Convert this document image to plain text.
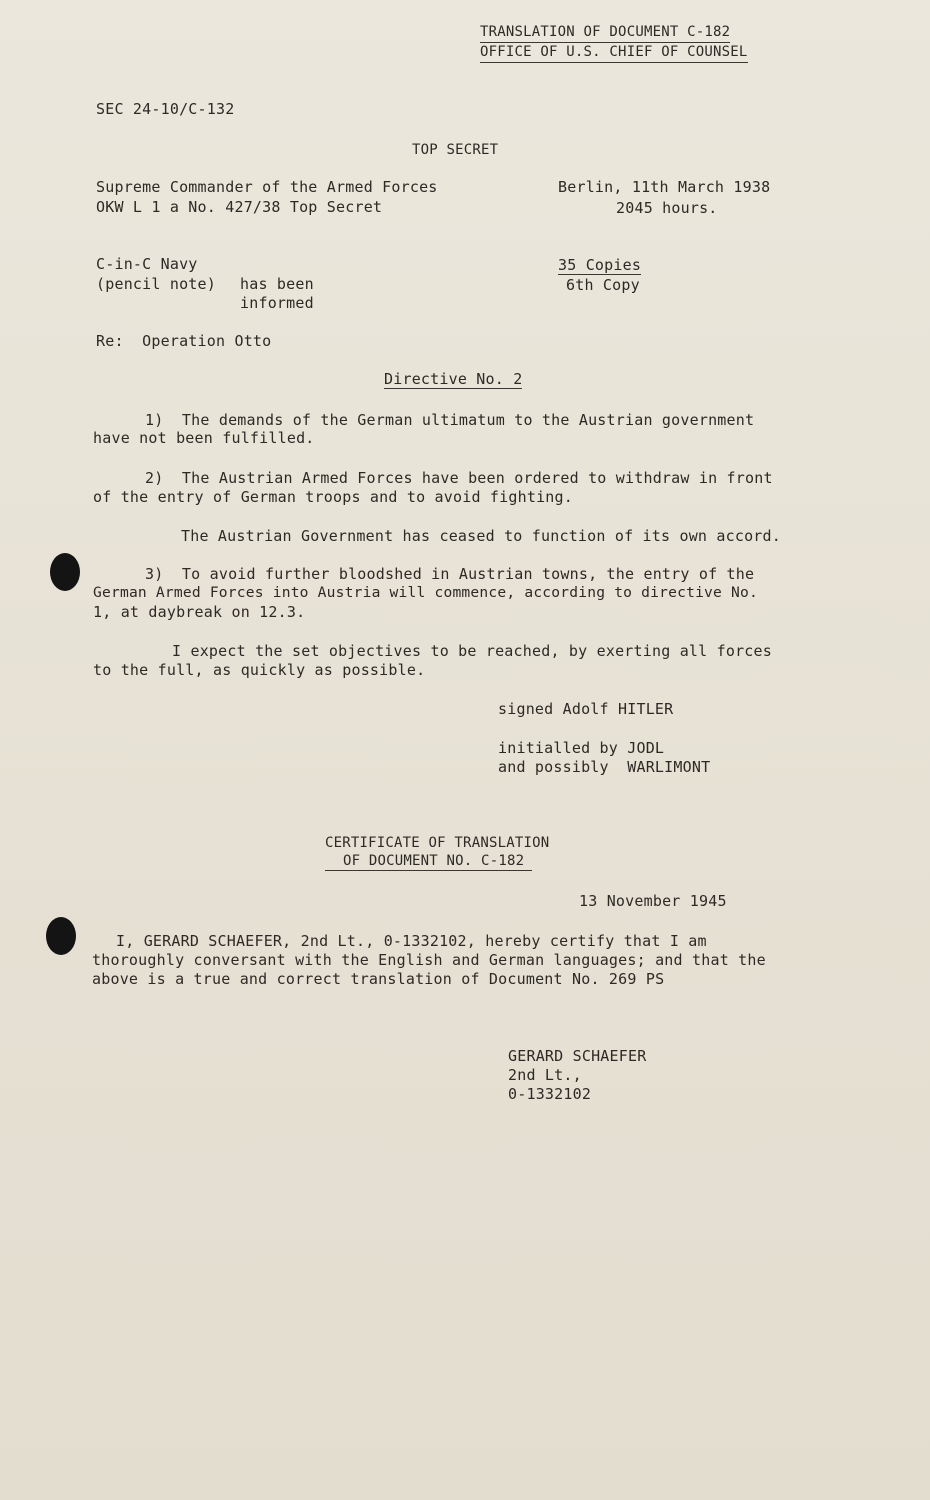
TRANSLATION OF DOCUMENT C-182
OFFICE OF U.S. CHIEF OF COUNSEL
SEC 24-10/C-132
TOP SECRET
Supreme Commander of the Armed Forces
OKW L 1 a No. 427/38 Top Secret
Berlin, 11th March 1938
2045 hours.
C-in-C Navy
(pencil note) has been
informed
35 Copies
6th Copy
Re:  Operation Otto
Directive No. 2
1)  The demands of the German ultimatum to the Austrian government
have not been fulfilled.
2)  The Austrian Armed Forces have been ordered to withdraw in front
of the entry of German troops and to avoid fighting.
The Austrian Government has ceased to function of its own accord.
3)  To avoid further bloodshed in Austrian towns, the entry of the
German Armed Forces into Austria will commence, according to directive No.
1, at daybreak on 12.3.
I expect the set objectives to be reached, by exerting all forces
to the full, as quickly as possible.
signed Adolf HITLER
initialled by JODL
and possibly  WARLIMONT
CERTIFICATE OF TRANSLATION
OF DOCUMENT NO. C-182
13 November 1945
I, GERARD SCHAEFER, 2nd Lt., 0-1332102, hereby certify that I am
thoroughly conversant with the English and German languages; and that the
above is a true and correct translation of Document No. 269 PS
GERARD SCHAEFER
2nd Lt.,
0-1332102
